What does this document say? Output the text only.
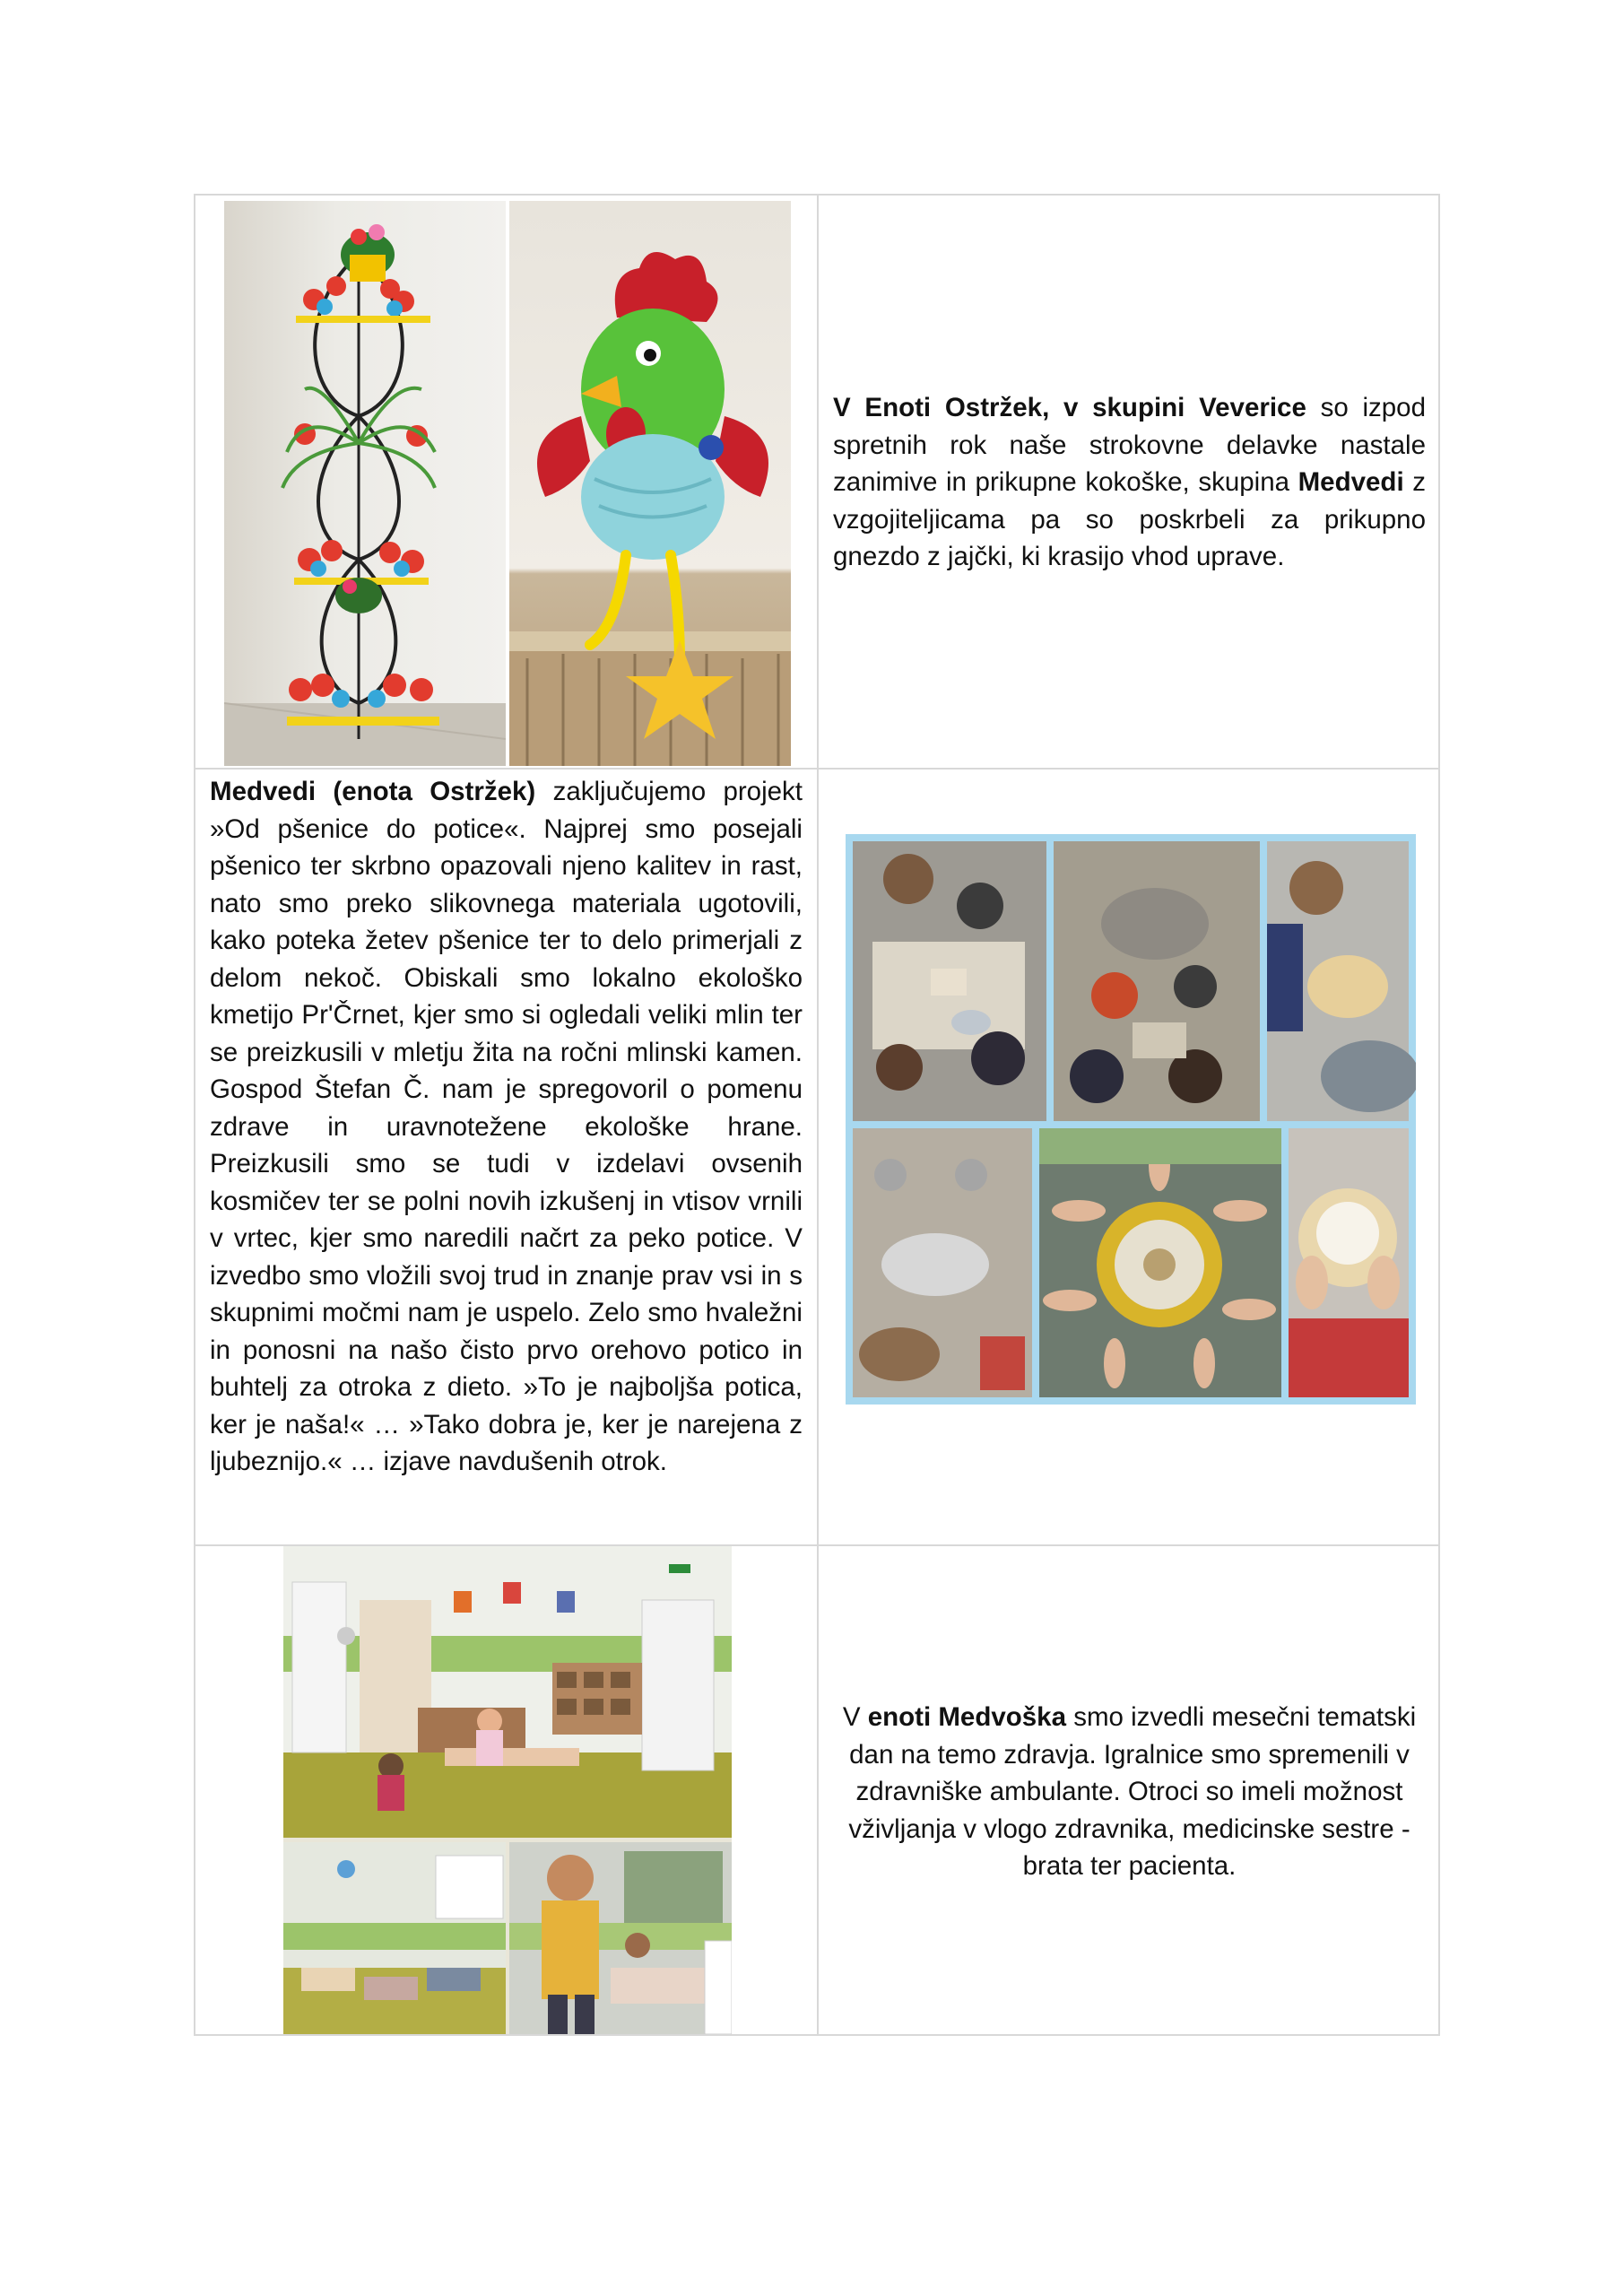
V Enoti Ostržek, v skupini Veverice so izpod spretnih rok naše strokovne delavke nastale zanimive in prikupne kokoške, skupina Medvedi z vzgojiteljicama pa so poskrbeli za prikupno gnezdo z jajčki, ki krasijo vhod uprave.
Medvedi (enota Ostržek) zaključujemo projekt »Od pšenice do potice«. Najprej smo posejali pšenico ter skrbno opazovali njeno kalitev in rast, nato smo preko slikovnega materiala ugotovili, kako poteka žetev pšenice ter to delo primerjali z delom nekoč. Obiskali smo lokalno ekološko kmetijo Pr'Črnet, kjer smo si ogledali veliki mlin ter se preizkusili v mletju žita na ročni mlinski kamen. Gospod Štefan Č. nam je spregovoril o pomenu zdrave in uravnotežene ekološke hrane. Preizkusili smo se tudi v izdelavi ovsenih kosmičev ter se polni novih izkušenj in vtisov vrnili v vrtec, kjer smo naredili načrt za peko potice. V izvedbo smo vložili svoj trud in znanje prav vsi in s skupnimi močmi nam je uspelo. Zelo smo hvaležni in ponosni na našo čisto prvo orehovo potico in buhtelj za otroka z dieto. »To je najboljša potica, ker je naša!« … »Tako dobra je, ker je narejena z ljubeznijo.« … izjave navdušenih otrok.
V enoti Medvoška smo izvedli mesečni tematski dan na temo zdravja. Igralnice smo spremenili v zdravniške ambulante. Otroci so imeli možnost vživljanja v vlogo zdravnika, medicinske sestre - brata ter pacienta.
